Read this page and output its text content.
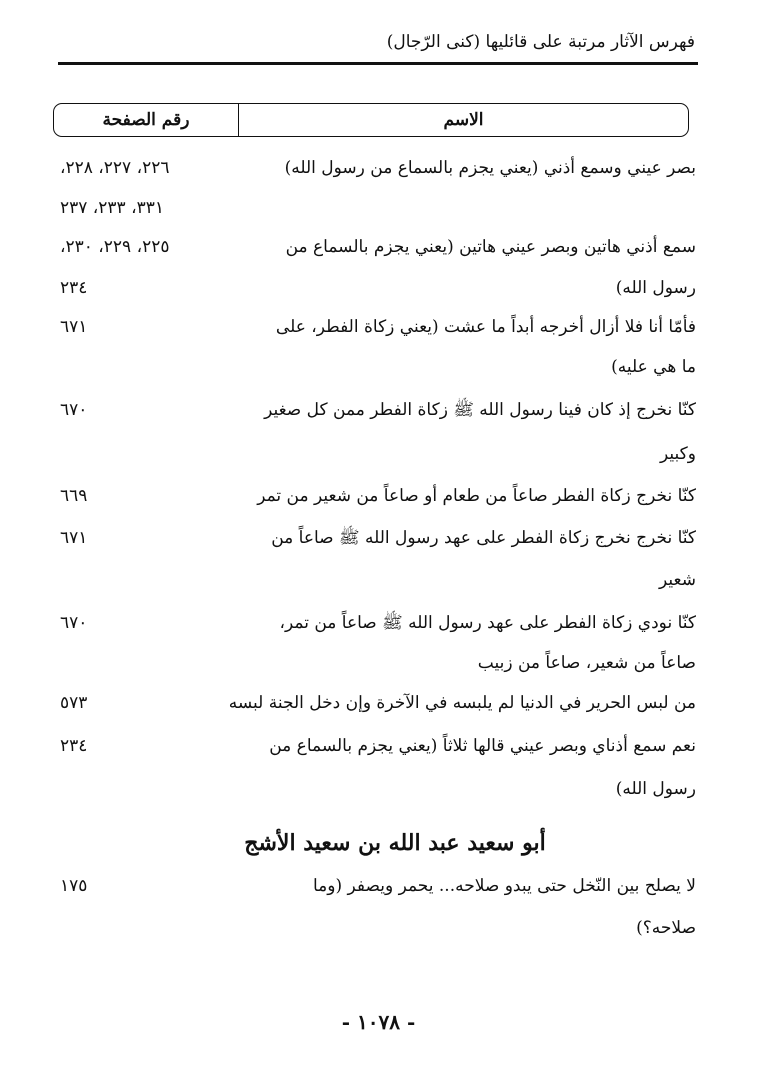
فهرس الآثار مرتبة على قائليها (كنى الرّجال)
الاسم
رقم الصفحة
بصر عيني وسمع أذني (يعني يجزم بالسماع من رسول الله)
٢٢٦، ٢٢٧، ٢٢٨،
٣٣١، ٢٣٣، ٢٣٧
سمع أذني هاتين وبصر عيني هاتين (يعني يجزم بالسماع من
٢٢٥، ٢٢٩، ٢٣٠،
رسول الله)
٢٣٤
فأمّا أنا فلا أزال أخرجه أبداً ما عشت (يعني زكاة الفطر، على
٦٧١
ما هي عليه)
كنّا نخرج إذ كان فينا رسول الله ﷺ زكاة الفطر ممن كل صغير
٦٧٠
وكبير
كنّا نخرج زكاة الفطر صاعاً من طعام أو صاعاً من شعير من تمر
٦٦٩
كنّا نخرج نخرج زكاة الفطر على عهد رسول الله ﷺ صاعاً من
٦٧١
شعير
كنّا نودي زكاة الفطر على عهد رسول الله ﷺ صاعاً من تمر،
٦٧٠
صاعاً من شعير، صاعاً من زبيب
من لبس الحرير في الدنيا لم يلبسه في الآخرة وإن دخل الجنة لبسه
٥٧٣
نعم سمع أذناي وبصر عيني قالها ثلاثاً (يعني يجزم بالسماع من
٢٣٤
رسول الله)
أبو سعيد عبد الله بن سعيد الأشج
لا يصلح بين النّخل حتى يبدو صلاحه... يحمر ويصفر (وما
١٧٥
صلاحه؟)
- ١٠٧٨ -
